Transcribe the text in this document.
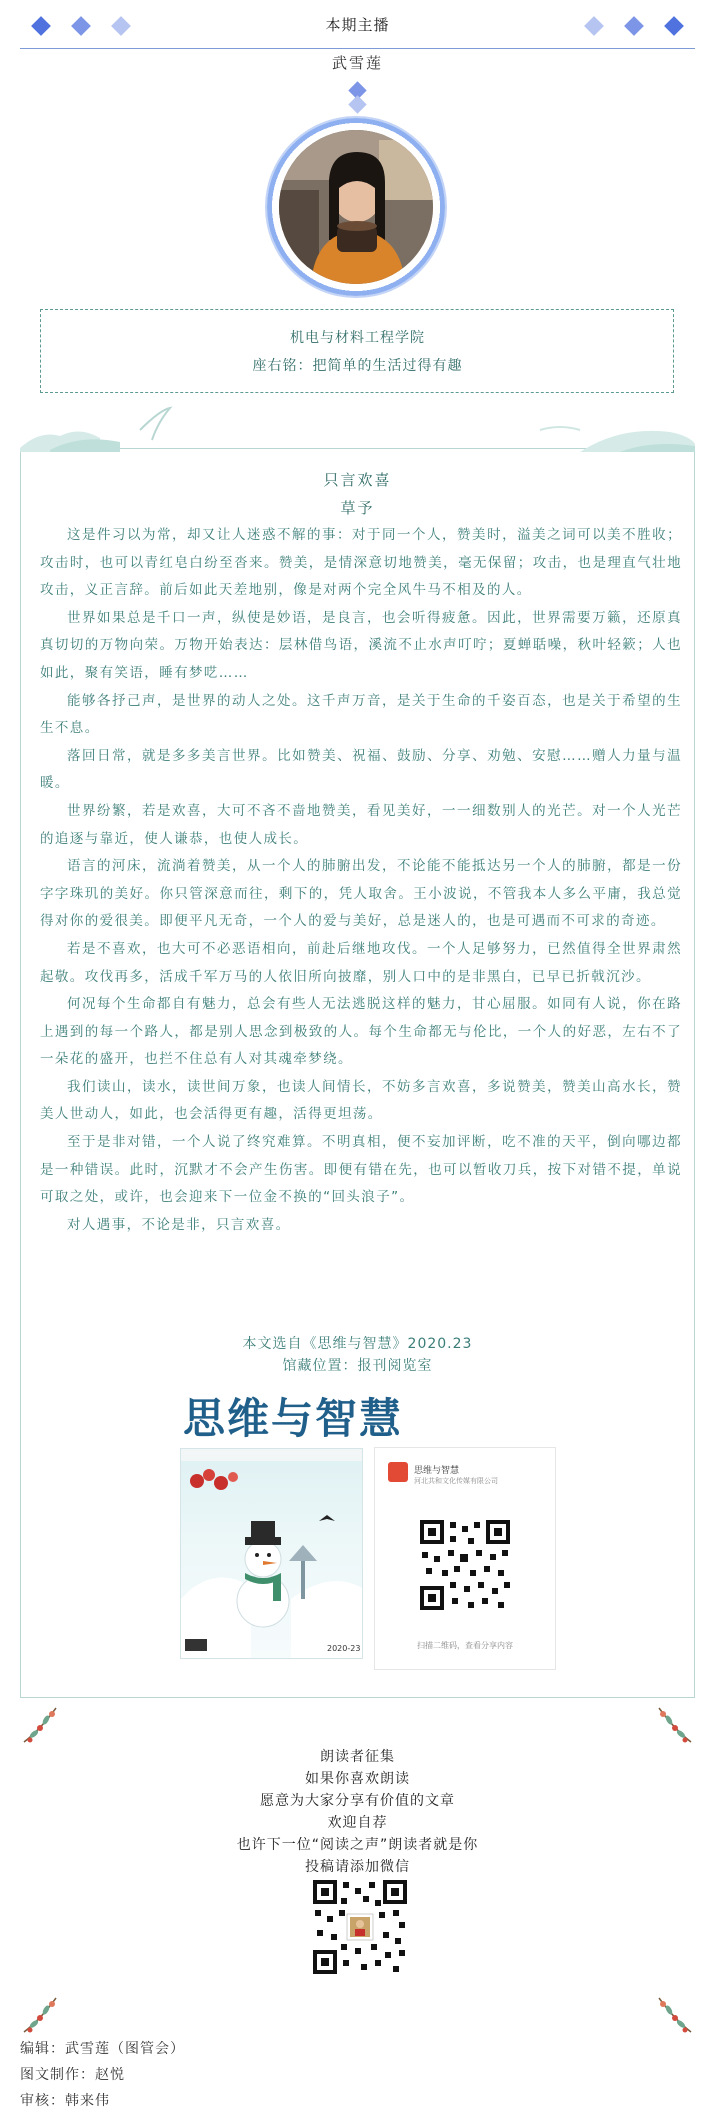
本期主播
武雪莲
机电与材料工程学院
座右铭：把简单的生活过得有趣
只言欢喜
草予

这是件习以为常，却又让人迷惑不解的事：对于同一个人，赞美时，溢美之词可以美不胜收；攻击时，也可以青红皂白纷至沓来。赞美，是情深意切地赞美，毫无保留；攻击，也是理直气壮地攻击，义正言辞。前后如此天差地别，像是对两个完全风牛马不相及的人。

世界如果总是千口一声，纵使是妙语，是良言，也会听得疲惫。因此，世界需要万籁，还原真真切切的万物向荣。万物开始表达：层林借鸟语，溪流不止水声叮咛；夏蝉聒噪，秋叶轻簌；人也如此，聚有笑语，睡有梦呓……

能够各抒己声，是世界的动人之处。这千声万音，是关于生命的千姿百态，也是关于希望的生生不息。

落回日常，就是多多美言世界。比如赞美、祝福、鼓励、分享、劝勉、安慰……赠人力量与温暖。

世界纷繁，若是欢喜，大可不吝不啬地赞美，看见美好，一一细数别人的光芒。对一个人光芒的追逐与靠近，使人谦恭，也使人成长。

语言的河床，流淌着赞美，从一个人的肺腑出发，不论能不能抵达另一个人的肺腑，都是一份字字珠玑的美好。你只管深意而往，剩下的，凭人取舍。王小波说，不管我本人多么平庸，我总觉得对你的爱很美。即便平凡无奇，一个人的爱与美好，总是迷人的，也是可遇而不可求的奇迹。

若是不喜欢，也大可不必恶语相向，前赴后继地攻伐。一个人足够努力，已然值得全世界肃然起敬。攻伐再多，活成千军万马的人依旧所向披靡，别人口中的是非黑白，已早已折戟沉沙。

何况每个生命都自有魅力，总会有些人无法逃脱这样的魅力，甘心屈服。如同有人说，你在路上遇到的每一个路人，都是别人思念到极致的人。每个生命都无与伦比，一个人的好恶，左右不了一朵花的盛开，也拦不住总有人对其魂牵梦绕。

我们读山，读水，读世间万象，也读人间情长，不妨多言欢喜，多说赞美，赞美山高水长，赞美人世动人，如此，也会活得更有趣，活得更坦荡。

至于是非对错，一个人说了终究难算。不明真相，便不妄加评断，吃不准的天平，倒向哪边都是一种错误。此时，沉默才不会产生伤害。即便有错在先，也可以暂收刀兵，按下对错不提，单说可取之处，或许，也会迎来下一位金不换的“回头浪子”。

对人遇事，不论是非，只言欢喜。

本文选自《思维与智慧》2020.23
馆藏位置：报刊阅览室
思维与智慧
2020-23
思维与智慧
河北共和文化传媒有限公司
扫描二维码，查看分享内容
朗读者征集
如果你喜欢朗读
愿意为大家分享有价值的文章
欢迎自荐
也许下一位“阅读之声”朗读者就是你
投稿请添加微信
编辑：武雪莲（图管会）
图文制作：赵悦
审核：韩来伟
